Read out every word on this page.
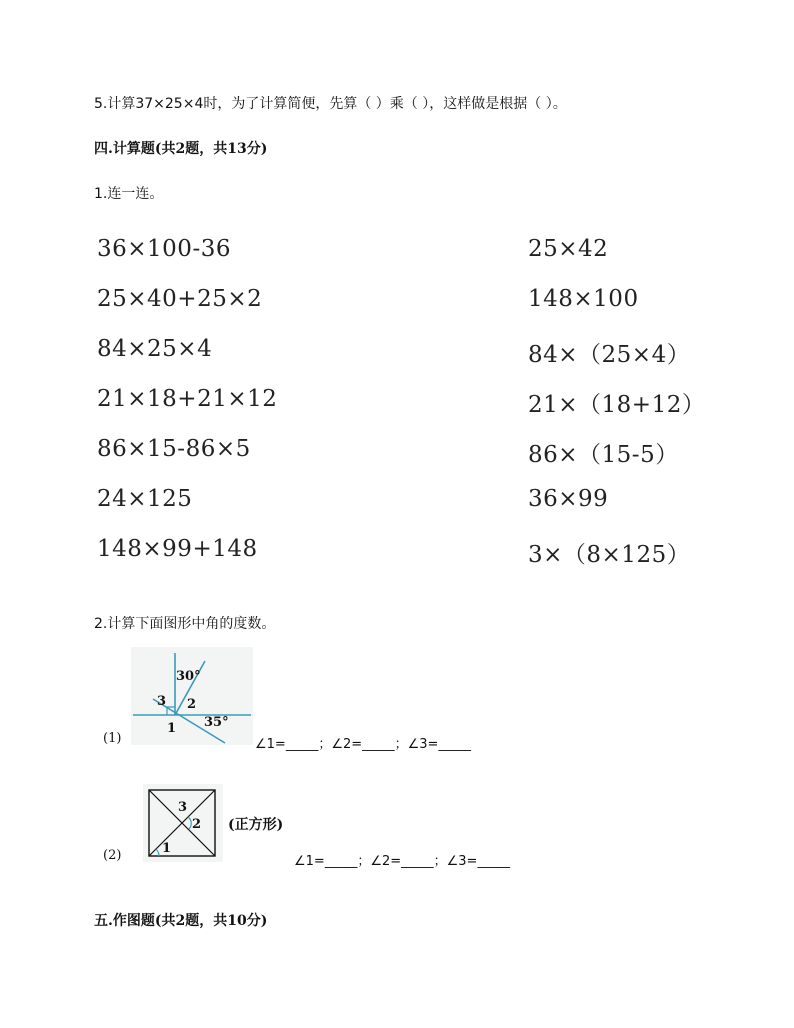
5.计算37×25×4时，为了计算简便，先算（ ）乘（ ），这样做是根据（ ）。
四.计算题(共2题，共13分)
1.连一连。
36×100-36
25×40+25×2
84×25×4
21×18+21×12
86×15-86×5
24×125
148×99+148
25×42
148×100
84×（25×4）
21×（18+12）
86×（15-5）
36×99
3×（8×125）
2.计算下面图形中角的度数。
(1)
30°
35°
3 2
1
∠1=_____；∠2=_____；∠3=_____
(2)
3
2
1
(正方形)
∠1=_____；∠2=_____；∠3=_____
五.作图题(共2题，共10分)
